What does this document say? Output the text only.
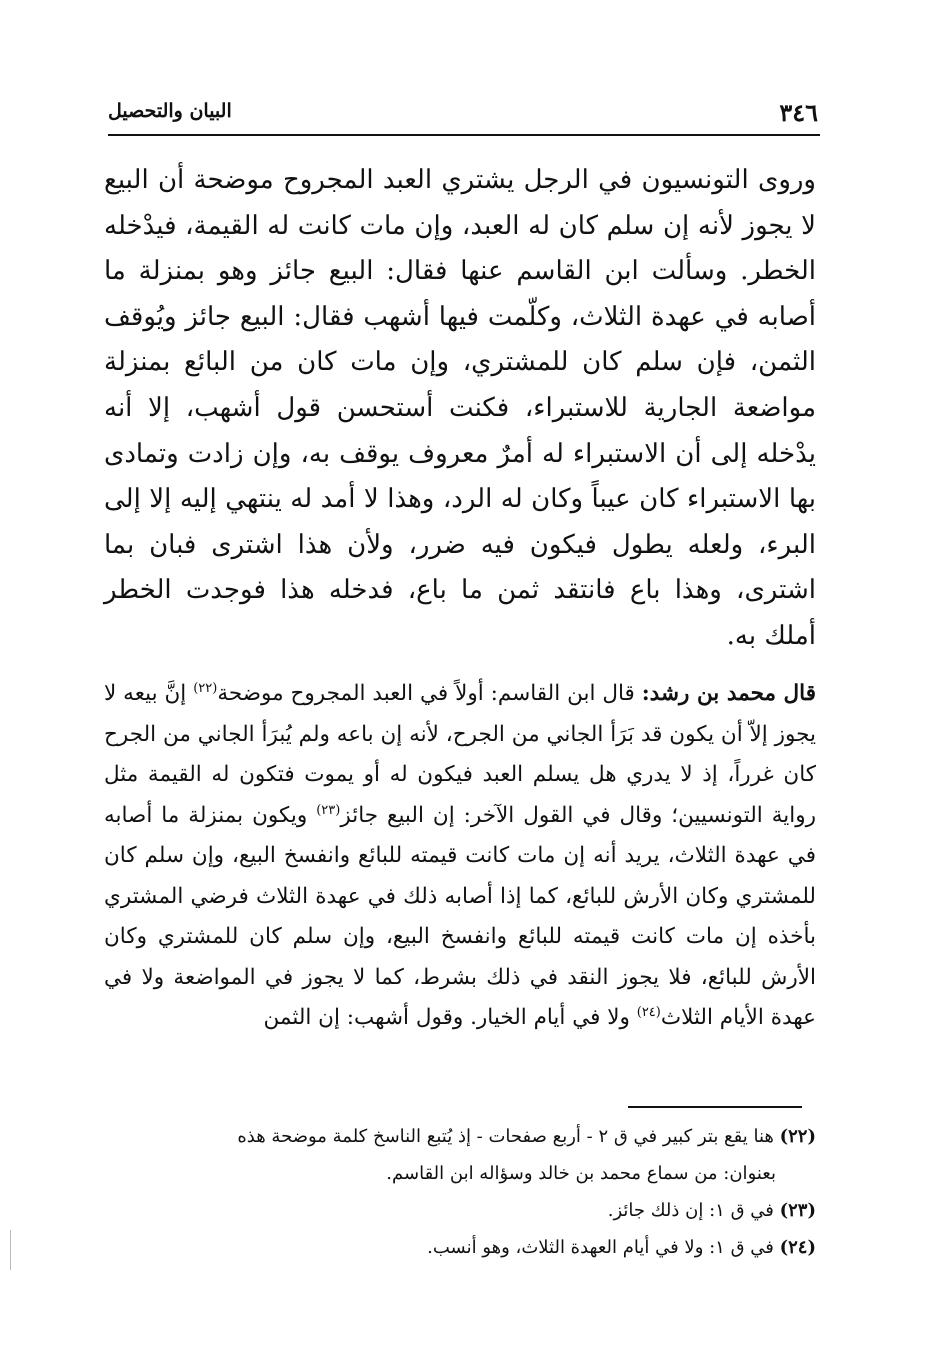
٣٤٦
البيان والتحصيل

وروى التونسيون في الرجل يشتري العبد المجروح موضحة أن البيع لا يجوز لأنه إن سلم كان له العبد، وإن مات كانت له القيمة، فيدْخله الخطر. وسألت ابن القاسم عنها فقال: البيع جائز وهو بمنزلة ما أصابه في عهدة الثلاث، وكلّمت فيها أشهب فقال: البيع جائز ويُوقف الثمن، فإن سلم كان للمشتري، وإن مات كان من البائع بمنزلة مواضعة الجارية للاستبراء، فكنت أستحسن قول أشهب، إلا أنه يدْخله إلى أن الاستبراء له أمرٌ معروف يوقف به، وإن زادت وتمادى بها الاستبراء كان عيباً وكان له الرد، وهذا لا أمد له ينتهي إليه إلا إلى البرء، ولعله يطول فيكون فيه ضرر، ولأن هذا اشترى فبان بما اشترى، وهذا باع فانتقد ثمن ما باع، فدخله هذا فوجدت الخطر أملك به.

قال محمد بن رشد: قال ابن القاسم: أولاً في العبد المجروح موضحة$^{(٢٢)}$ إنَّ بيعه لا يجوز إلاّ أن يكون قد بَرَأ الجاني من الجرح، لأنه إن باعه ولم يُبرَأ الجاني من الجرح كان غرراً، إذ لا يدري هل يسلم العبد فيكون له أو يموت فتكون له القيمة مثل رواية التونسيين؛ وقال في القول الآخر: إن البيع جائز$^{(٢٣)}$ ويكون بمنزلة ما أصابه في عهدة الثلاث، يريد أنه إن مات كانت قيمته للبائع وانفسخ البيع، وإن سلم كان للمشتري وكان الأرش للبائع، كما إذا أصابه ذلك في عهدة الثلاث فرضي المشتري بأخذه إن مات كانت قيمته للبائع وانفسخ البيع، وإن سلم كان للمشتري وكان الأرش للبائع، فلا يجوز النقد في ذلك بشرط، كما لا يجوز في المواضعة ولا في عهدة الأيام الثلاث$^{(٢٤)}$ ولا في أيام الخيار. وقول أشهب: إن الثمن

(٢٢) هنا يقع بتر كبير في ق ٢ - أربع صفحات - إذ يُتبع الناسخ كلمة موضحة هذه

بعنوان: من سماع محمد بن خالد وسؤاله ابن القاسم.

(٢٣) في ق ١: إن ذلك جائز.

(٢٤) في ق ١: ولا في أيام العهدة الثلاث، وهو أنسب.
